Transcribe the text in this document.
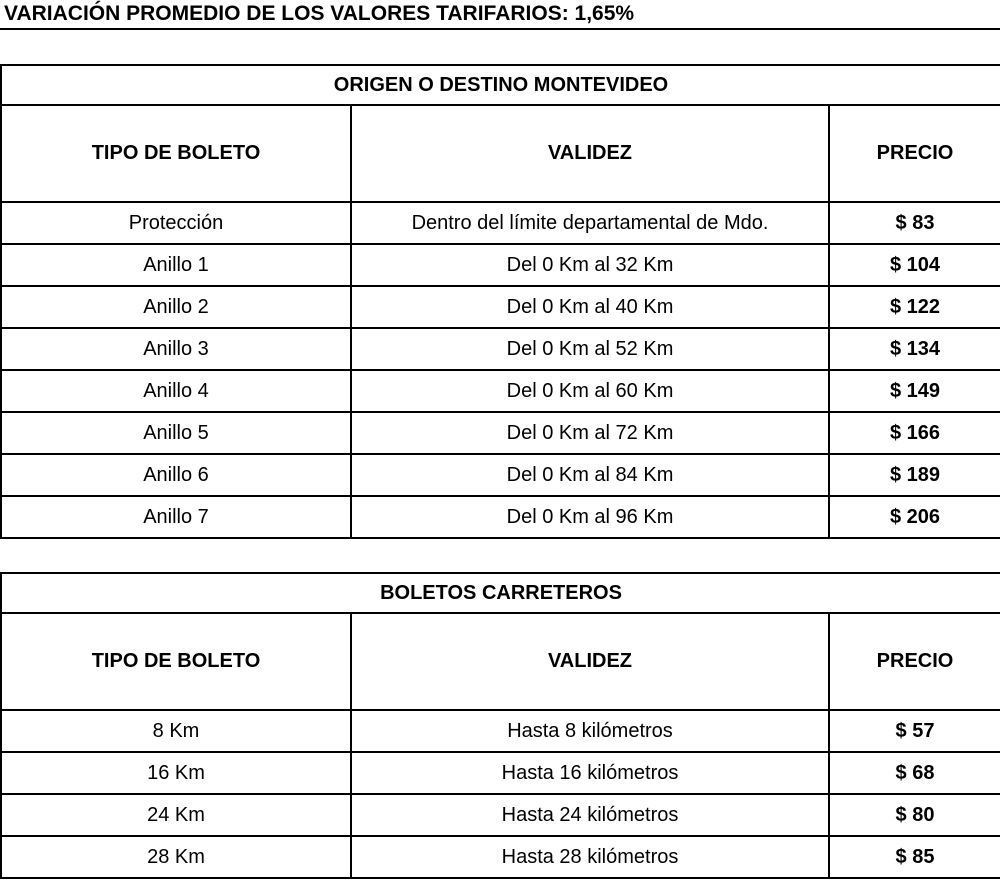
VARIACIÓN PROMEDIO DE LOS VALORES TARIFARIOS: 1,65%
ORIGEN O DESTINO MONTEVIDEO		
TIPO DE BOLETO	VALIDEZ	PRECIO
Protección	Dentro del límite departamental de Mdo.	$ 83
Anillo 1	Del 0 Km al 32 Km	$ 104
Anillo 2	Del 0 Km al 40 Km	$ 122
Anillo 3	Del 0 Km al 52 Km	$ 134
Anillo 4	Del 0 Km al 60 Km	$ 149
Anillo 5	Del 0 Km al 72 Km	$ 166
Anillo 6	Del 0 Km al 84 Km	$ 189
Anillo 7	Del 0 Km al 96 Km	$ 206
BOLETOS CARRETEROS		
TIPO DE BOLETO	VALIDEZ	PRECIO
8 Km	Hasta 8 kilómetros	$ 57
16 Km	Hasta 16 kilómetros	$ 68
24 Km	Hasta 24 kilómetros	$ 80
28 Km	Hasta 28 kilómetros	$ 85
